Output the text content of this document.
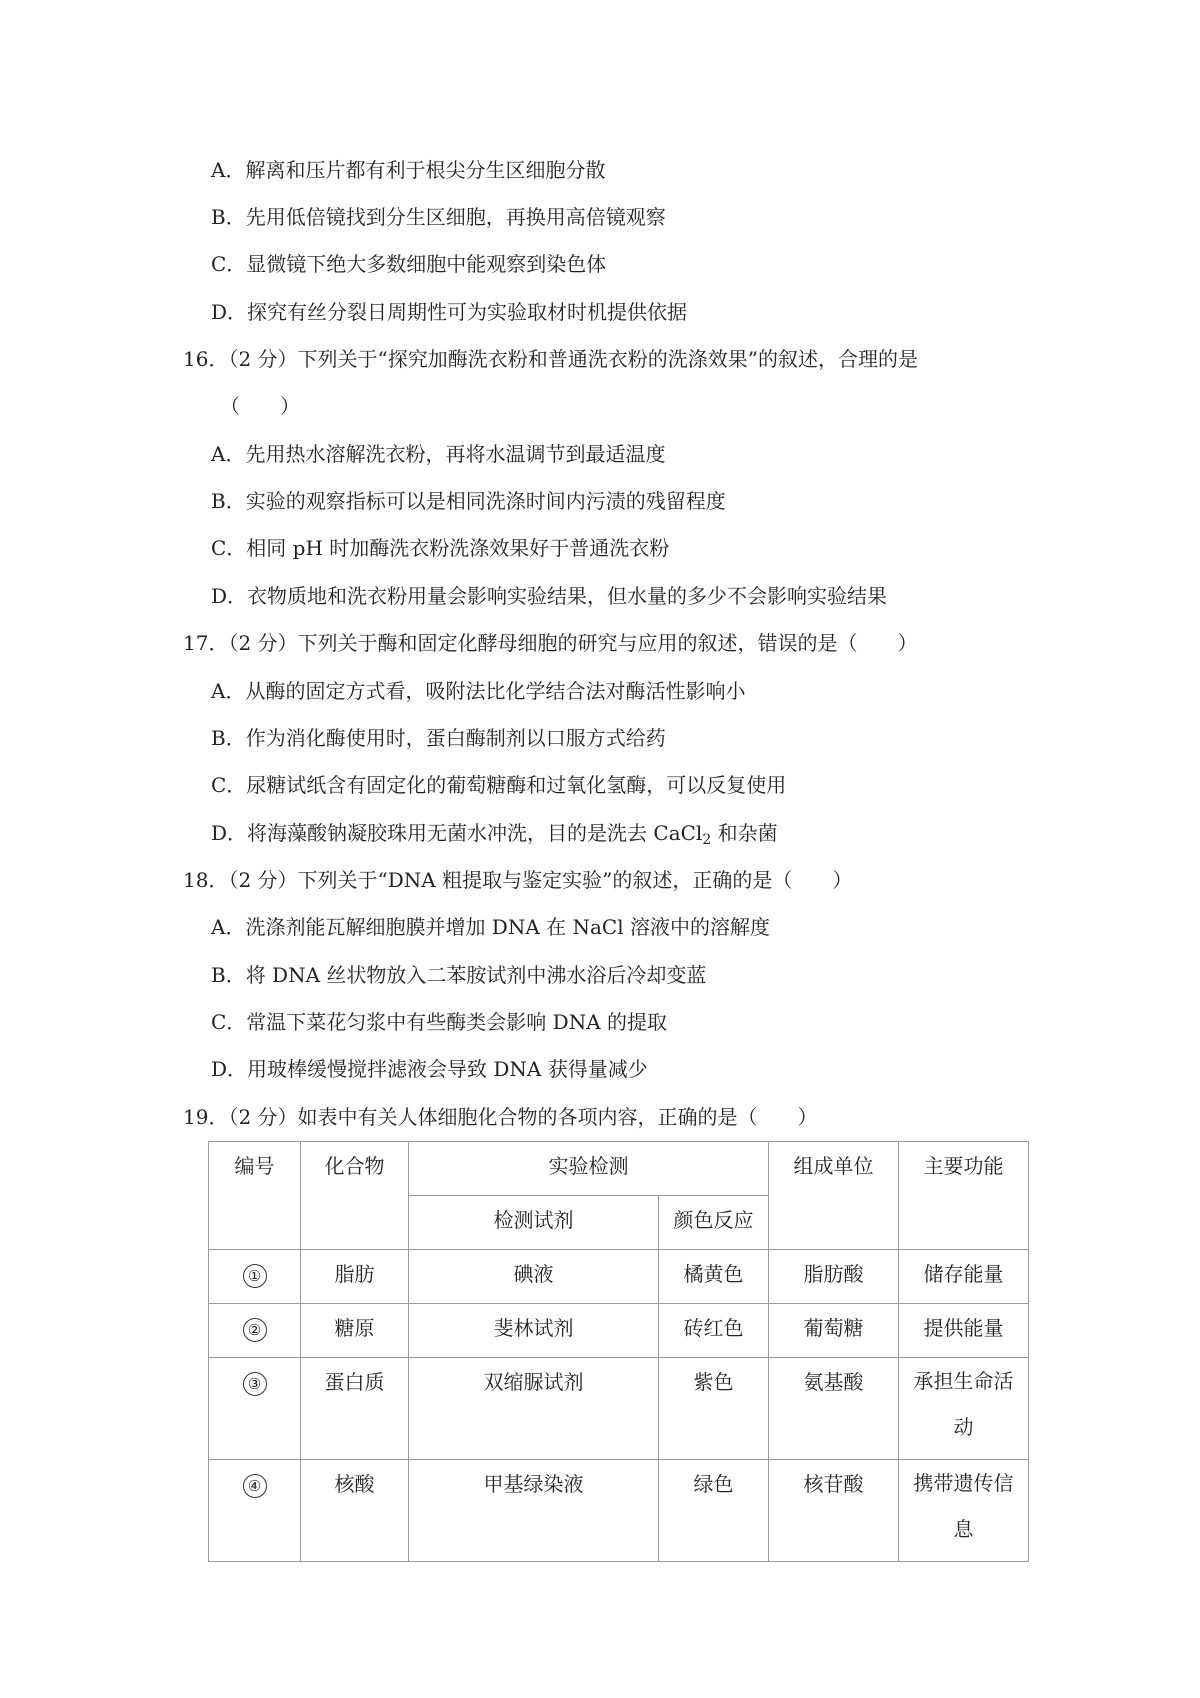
A．解离和压片都有利于根尖分生区细胞分散
B．先用低倍镜找到分生区细胞，再换用高倍镜观察
C．显微镜下绝大多数细胞中能观察到染色体
D．探究有丝分裂日周期性可为实验取材时机提供依据
16．（2 分）下列关于“探究加酶洗衣粉和普通洗衣粉的洗涤效果”的叙述，合理的是
（　　）
A．先用热水溶解洗衣粉，再将水温调节到最适温度
B．实验的观察指标可以是相同洗涤时间内污渍的残留程度
C．相同 pH 时加酶洗衣粉洗涤效果好于普通洗衣粉
D．衣物质地和洗衣粉用量会影响实验结果，但水量的多少不会影响实验结果
17．（2 分）下列关于酶和固定化酵母细胞的研究与应用的叙述，错误的是（　　）
A．从酶的固定方式看，吸附法比化学结合法对酶活性影响小
B．作为消化酶使用时，蛋白酶制剂以口服方式给药
C．尿糖试纸含有固定化的葡萄糖酶和过氧化氢酶，可以反复使用
D．将海藻酸钠凝胶珠用无菌水冲洗，目的是洗去 CaCl$_2$ 和杂菌
18．（2 分）下列关于“DNA 粗提取与鉴定实验”的叙述，正确的是（　　）
A．洗涤剂能瓦解细胞膜并增加 DNA 在 NaCl 溶液中的溶解度
B．将 DNA 丝状物放入二苯胺试剂中沸水浴后冷却变蓝
C．常温下菜花匀浆中有些酶类会影响 DNA 的提取
D．用玻棒缓慢搅拌滤液会导致 DNA 获得量减少
19．（2 分）如表中有关人体细胞化合物的各项内容，正确的是（　　）
编号	化合物	实验检测		组成单位	主要功能
		检测试剂	颜色反应		
①	脂肪	碘液	橘黄色	脂肪酸	储存能量
②	糖原	斐林试剂	砖红色	葡萄糖	提供能量
③	蛋白质	双缩脲试剂	紫色	氨基酸	承担生命活动
④	核酸	甲基绿染液	绿色	核苷酸	携带遗传信息
